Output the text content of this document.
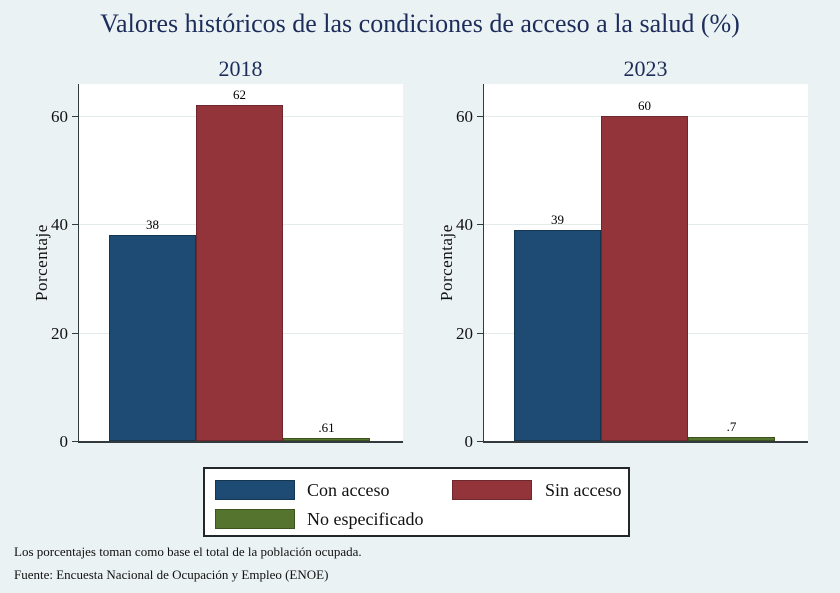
Valores históricos de las condiciones de acceso a la salud (%)
2018
Porcentaje	38
62
.61
0
20
40
60
2023
Porcentaje
39
60
.7
0
20
40
60
Con acceso	Sin acceso
No especificado
Los porcentajes toman como base el total de la población ocupada.
Fuente: Encuesta Nacional de Ocupación y Empleo (ENOE)
